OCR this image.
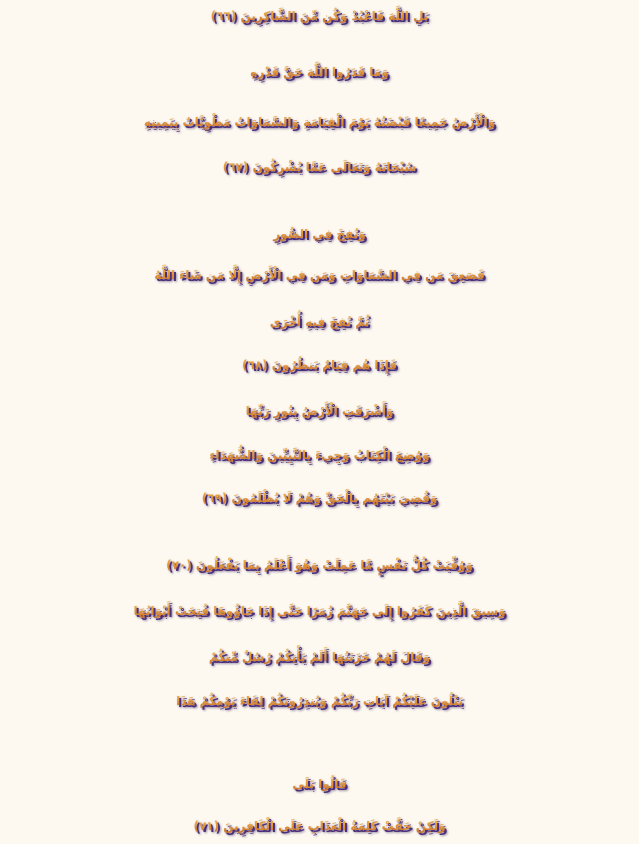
بَلِ اللَّهَ فَاعْبُدْ وَكُن مِّنَ الشَّاكِرِينَ (٦٦)
وَمَا قَدَرُوا اللَّهَ حَقَّ قَدْرِهِ
وَالْأَرْضُ جَمِيعًا قَبْضَتُهُ يَوْمَ الْقِيَامَةِ وَالسَّمَاوَاتُ مَطْوِيَّاتٌ بِيَمِينِهِ
سُبْحَانَهُ وَتَعَالَى عَمَّا يُشْرِكُونَ (٦٧)
وَنُفِخَ فِي الصُّورِ
فَصَعِقَ مَن فِي السَّمَاوَاتِ وَمَن فِي الْأَرْضِ إِلَّا مَن شَاءَ اللَّهُ
ثُمَّ نُفِخَ فِيهِ أُخْرَى
فَإِذَا هُم قِيَامٌ يَنظُرُونَ (٦٨)
وَأَشْرَقَتِ الْأَرْضُ بِنُورِ رَبِّهَا
وَوُضِعَ الْكِتَابُ وَجِيءَ بِالنَّبِيِّينَ وَالشُّهَدَاءِ
وَقُضِيَ بَيْنَهُم بِالْحَقِّ وَهُمْ لَا يُظْلَمُونَ (٦٩)
وَوُفِّيَتْ كُلُّ نَفْسٍ مَّا عَمِلَتْ وَهُوَ أَعْلَمُ بِمَا يَفْعَلُونَ (٧٠)
وَسِيقَ الَّذِينَ كَفَرُوا إِلَى جَهَنَّمَ زُمَرًا حَتَّى إِذَا جَاؤُوهَا فُتِحَتْ أَبْوَابُهَا
وَقَالَ لَهُمْ خَزَنَتُهَا أَلَمْ يَأْتِكُمْ رُسُلٌ مِّنكُمْ
يَتْلُونَ عَلَيْكُمْ آيَاتِ رَبِّكُمْ وَيُنذِرُونَكُمْ لِقَاءَ يَوْمِكُمْ هَذَا
قَالُوا بَلَى
وَلَكِنْ حَقَّتْ كَلِمَةُ الْعَذَابِ عَلَى الْكَافِرِينَ (٧١)
